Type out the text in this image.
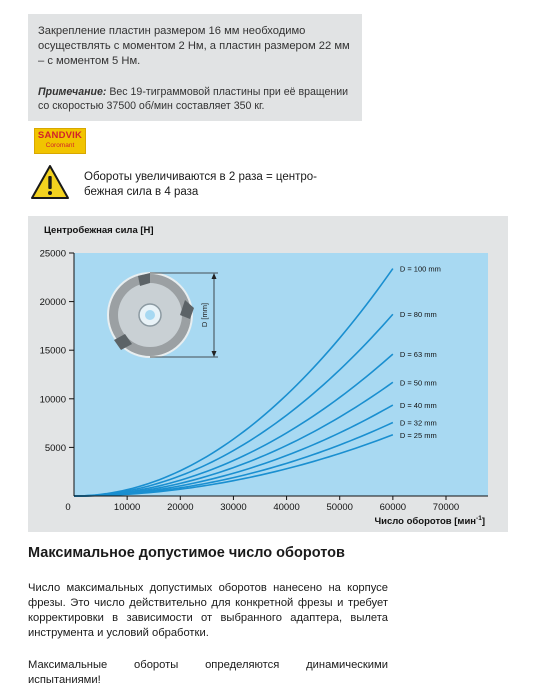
Закрепление пластин размером 16 мм необходимо осуществлять с моментом 2 Нм, а пластин размером 22 мм – с моментом 5 Нм.
Примечание: Вес 19-тиграммовой пластины при её вращении со скоростью 37500 об/мин составляет 350 кг.
SANDVIK
Coromant
Обороты увеличиваются в 2 раза = центро-бежная сила в 4 раза
Центробежная сила [Н]
5000
10000
15000
20000
25000
0	10000	20000	30000	40000	50000	60000	70000
D = 100 mm
D = 80 mm
D = 63 mm
D = 50 mm
D = 40 mm
D = 32 mm
D = 25 mm
D [mm]
Число оборотов [мин$^{-1}$]
Максимальное допустимое число оборотов
Число максимальных допустимых оборотов нанесено на корпусе фрезы. Это число действительно для конкретной фрезы и требует корректировки в зависимости от выбранного адаптера, вылета инструмента и условий обработки.
Максимальные обороты определяются динамическими испытаниями!
